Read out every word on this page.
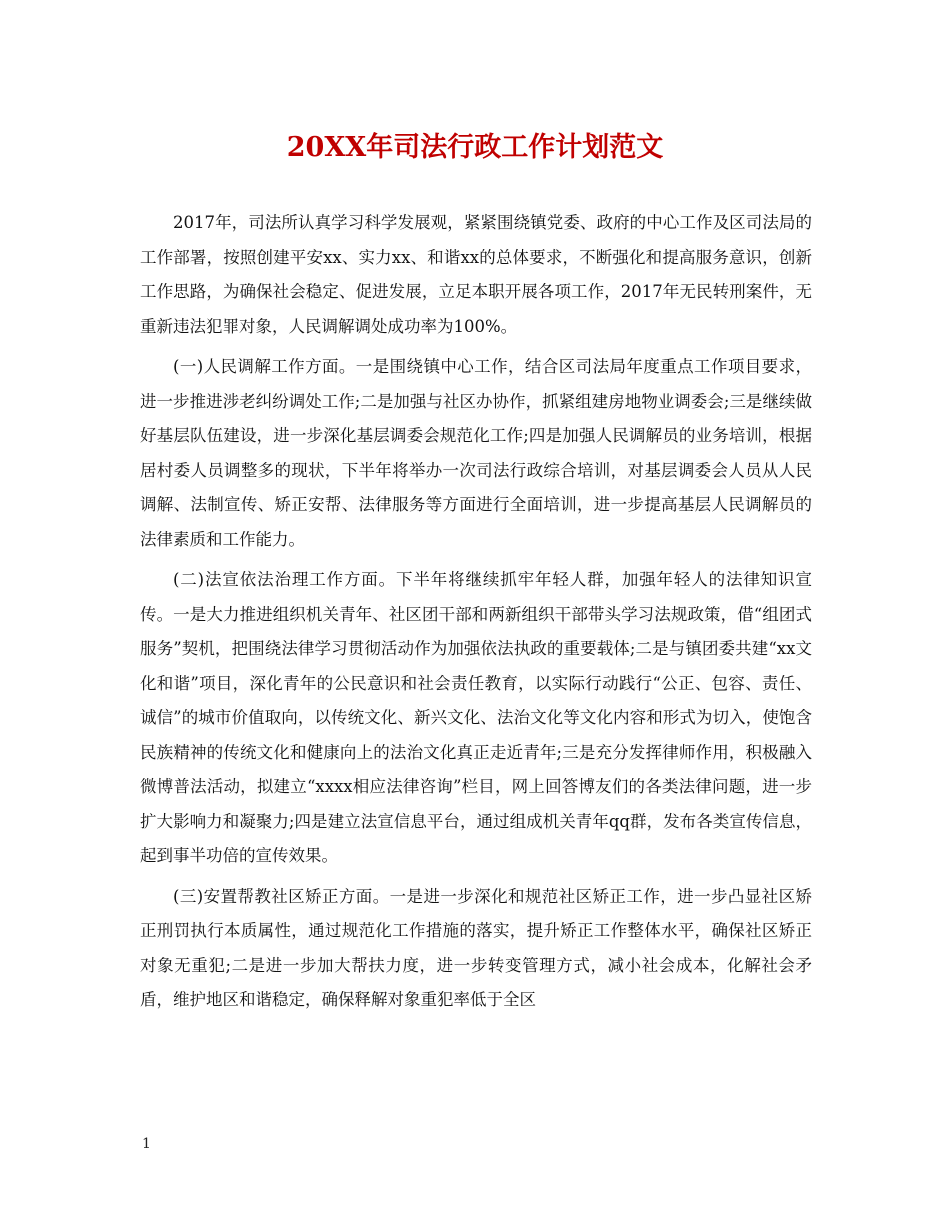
20XX年司法行政工作计划范文

2017年，司法所认真学习科学发展观，紧紧围绕镇党委、政府的中心工作及区司法局的工作部署，按照创建平安xx、实力xx、和谐xx的总体要求，不断强化和提高服务意识，创新工作思路，为确保社会稳定、促进发展，立足本职开展各项工作，2017年无民转刑案件，无重新违法犯罪对象，人民调解调处成功率为100%。

(一)人民调解工作方面。一是围绕镇中心工作，结合区司法局年度重点工作项目要求，进一步推进涉老纠纷调处工作;二是加强与社区办协作，抓紧组建房地物业调委会;三是继续做好基层队伍建设，进一步深化基层调委会规范化工作;四是加强人民调解员的业务培训，根据居村委人员调整多的现状，下半年将举办一次司法行政综合培训，对基层调委会人员从人民调解、法制宣传、矫正安帮、法律服务等方面进行全面培训，进一步提高基层人民调解员的法律素质和工作能力。

(二)法宣依法治理工作方面。下半年将继续抓牢年轻人群，加强年轻人的法律知识宣传。一是大力推进组织机关青年、社区团干部和两新组织干部带头学习法规政策，借“组团式服务”契机，把围绕法律学习贯彻活动作为加强依法执政的重要载体;二是与镇团委共建“xx文化和谐”项目，深化青年的公民意识和社会责任教育，以实际行动践行“公正、包容、责任、诚信”的城市价值取向，以传统文化、新兴文化、法治文化等文化内容和形式为切入，使饱含民族精神的传统文化和健康向上的法治文化真正走近青年;三是充分发挥律师作用，积极融入微博普法活动，拟建立“xxxx相应法律咨询”栏目，网上回答博友们的各类法律问题，进一步扩大影响力和凝聚力;四是建立法宣信息平台，通过组成机关青年qq群，发布各类宣传信息，起到事半功倍的宣传效果。

(三)安置帮教社区矫正方面。一是进一步深化和规范社区矫正工作，进一步凸显社区矫正刑罚执行本质属性，通过规范化工作措施的落实，提升矫正工作整体水平，确保社区矫正对象无重犯;二是进一步加大帮扶力度，进一步转变管理方式，减小社会成本，化解社会矛盾，维护地区和谐稳定，确保释解对象重犯率低于全区

1
